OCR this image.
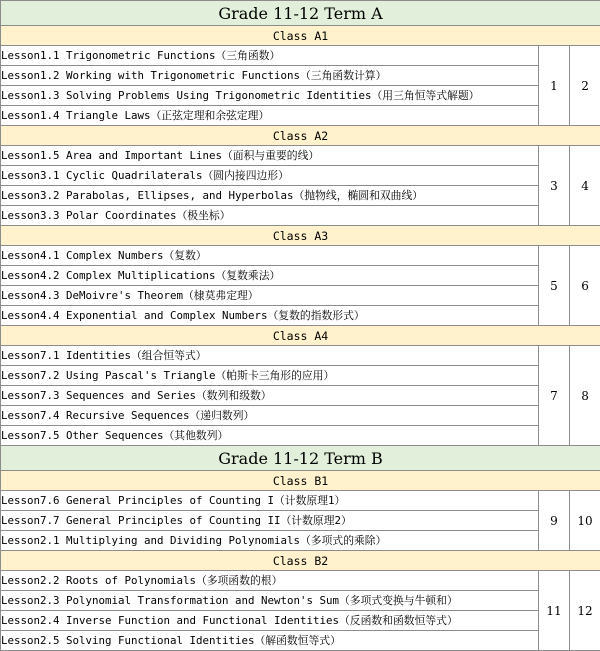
Grade 11-12 Term A		
Class A1		
Lesson1.1 Trigonometric Functions（三角函数）	1	2
Lesson1.2 Working with Trigonometric Functions（三角函数计算）		
Lesson1.3 Solving Problems Using Trigonometric Identities（用三角恒等式解题）		
Lesson1.4 Triangle Laws（正弦定理和余弦定理）		
Class A2		
Lesson1.5 Area and Important Lines（面积与重要的线）	3	4
Lesson3.1 Cyclic Quadrilaterals（圆内接四边形）		
Lesson3.2 Parabolas, Ellipses, and Hyperbolas（抛物线，椭圆和双曲线）		
Lesson3.3 Polar Coordinates（极坐标）		
Class A3		
Lesson4.1 Complex Numbers（复数）	5	6
Lesson4.2 Complex Multiplications（复数乘法）		
Lesson4.3 DeMoivre's Theorem（棣莫弗定理）		
Lesson4.4 Exponential and Complex Numbers（复数的指数形式）		
Class A4		
Lesson7.1 Identities（组合恒等式）	7	8
Lesson7.2 Using Pascal's Triangle（帕斯卡三角形的应用）		
Lesson7.3 Sequences and Series（数列和级数）		
Lesson7.4 Recursive Sequences（递归数列）		
Lesson7.5 Other Sequences（其他数列）		
Grade 11-12 Term B		
Class B1		
Lesson7.6 General Principles of Counting I（计数原理1）	9	10
Lesson7.7 General Principles of Counting II（计数原理2）		
Lesson2.1 Multiplying and Dividing Polynomials（多项式的乘除）		
Class B2		
Lesson2.2 Roots of Polynomials（多项函数的根）	11	12
Lesson2.3 Polynomial Transformation and Newton's Sum（多项式变换与牛顿和）		
Lesson2.4 Inverse Function and Functional Identities（反函数和函数恒等式）		
Lesson2.5 Solving Functional Identities（解函数恒等式）		
